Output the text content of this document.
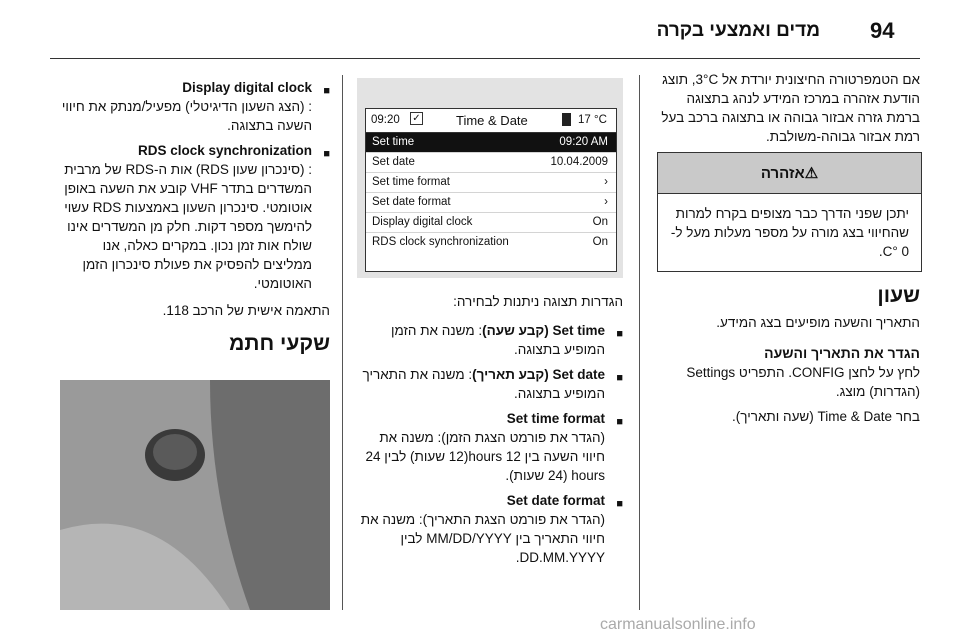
94
מדים ואמצעי בקרה

אם הטמפרטורה החיצונית יורדת אל 3°C, תוצג הודעת אזהרה במרכז המידע לנהג בתצוגה ברמת גזרה אבזור גבוהה או בתצוגה ברכב בעל רמת אבזור גבוהה-משולבת.

⚠אזהרה
יתכן שפני הדרך כבר מצופים בקרח למרות שהחיווי בצג מורה על מספר מעלות מעל ל- 0 °C.
שעון

התאריך והשעה מופיעים בצג המידע.

הגדר את התאריך והשעה

לחץ על לחצן CONFIG. התפריט Settings (הגדרות) מוצג.

בחר Time & Date (שעה ותאריך).

09:20 ✓	Time & Date	17 °C
Set time	09:20 AM
Set date	10.04.2009
Set time format	›
Set date format	›
Display digital clock	On
RDS clock synchronization	On

הגדרות תצוגה ניתנות לבחירה:

■
Set time (קבע שעה): משנה את הזמן המופיע בתצוגה.
■
Set date (קבע תאריך): משנה את התאריך המופיע בתצוגה.
■
Set time format
(הגדר את פורמט הצגת הזמן): משנה את חיווי השעה בין 12 hours(12 שעות) לבין 24 hours (24 שעות).
■
Set date format
(הגדר את פורמט הצגת התאריך): משנה את חיווי התאריך בין MM/DD/YYYY לבין DD.MM.YYYY.
■
Display digital clock
: (הצג השעון הדיגיטלי) מפעיל/מנתק את חיווי השעה בתצוגה.
■
RDS clock synchronization
: (סינכרון שעון RDS) אות ה-RDS של מרבית המשדרים בתדר VHF קובע את השעה באופן אוטומטי. סינכרון השעון באמצעות RDS עשוי להימשך מספר דקות. חלק מן המשדרים אינו שולח אות זמן נכון. במקרים כאלה, אנו ממליצים להפסיק את פעולת סינכרון הזמן האוטומטי.

התאמה אישית של הרכב 118.

שקעי חתמ
carmanualsonline.info
